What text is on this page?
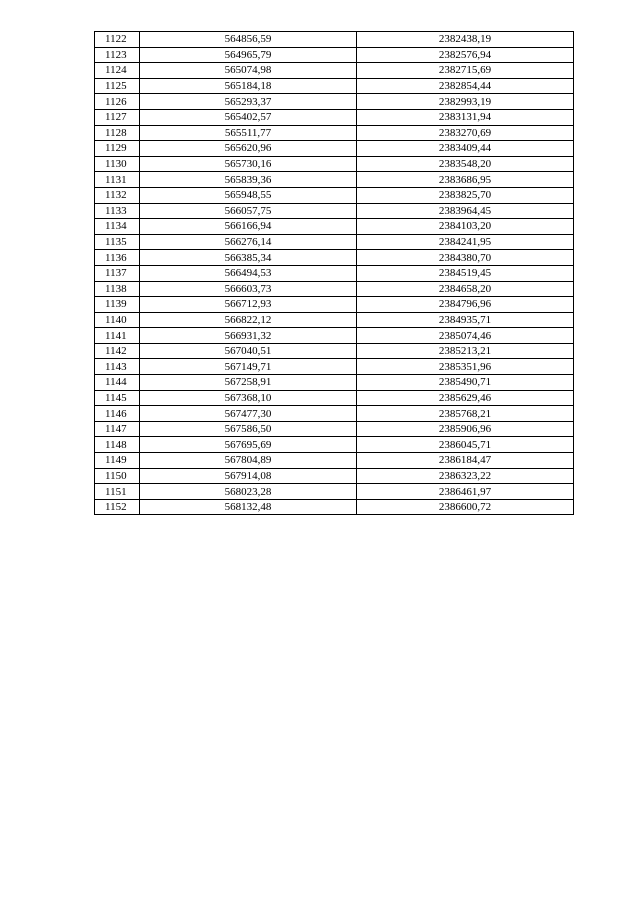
1122	564856,59	2382438,19
1123	564965,79	2382576,94
1124	565074,98	2382715,69
1125	565184,18	2382854,44
1126	565293,37	2382993,19
1127	565402,57	2383131,94
1128	565511,77	2383270,69
1129	565620,96	2383409,44
1130	565730,16	2383548,20
1131	565839,36	2383686,95
1132	565948,55	2383825,70
1133	566057,75	2383964,45
1134	566166,94	2384103,20
1135	566276,14	2384241,95
1136	566385,34	2384380,70
1137	566494,53	2384519,45
1138	566603,73	2384658,20
1139	566712,93	2384796,96
1140	566822,12	2384935,71
1141	566931,32	2385074,46
1142	567040,51	2385213,21
1143	567149,71	2385351,96
1144	567258,91	2385490,71
1145	567368,10	2385629,46
1146	567477,30	2385768,21
1147	567586,50	2385906,96
1148	567695,69	2386045,71
1149	567804,89	2386184,47
1150	567914,08	2386323,22
1151	568023,28	2386461,97
1152	568132,48	2386600,72
